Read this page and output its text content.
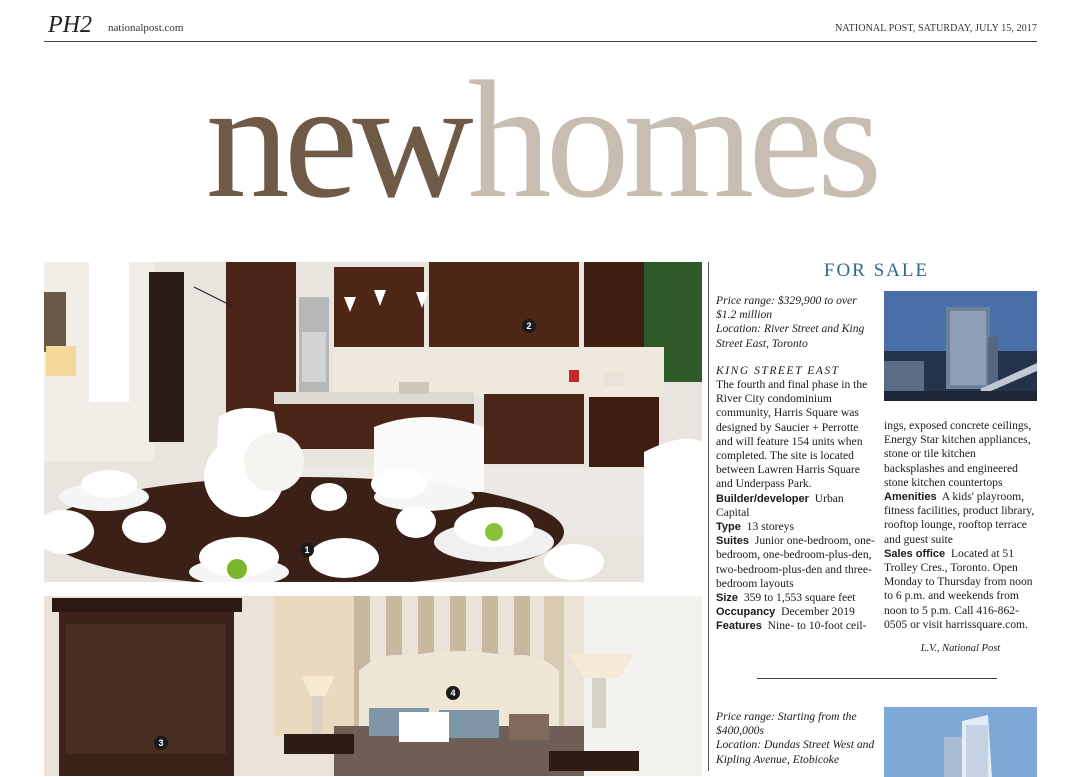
PH2 nationalpost.com	NATIONAL POST, SATURDAY, JULY 15, 2017
newhomes
1
2
3
4
FOR SALE
Price range: $329,900 to over $1.2 million
Location: River Street and King Street East, Toronto
KING STREET EAST
The fourth and final phase in the River City condominium community, Harris Square was designed by Saucier + Perrotte and will feature 154 units when completed. The site is located between Lawren Harris Square and Underpass Park.
Builder/developer Urban Capital
Type 13 storeys
Suites Junior one-bedroom, one-bedroom, one-bedroom-plus-den, two-bedroom-plus-den and three-bedroom layouts
Size 359 to 1,553 square feet
Occupancy December 2019
Features Nine- to 10-foot ceil-
ings, exposed concrete ceilings, Energy Star kitchen appliances, stone or tile kitchen backsplashes and engineered stone kitchen countertops
Amenities A kids' playroom, fitness facilities, product library, rooftop lounge, rooftop terrace and guest suite
Sales office Located at 51 Trolley Cres., Toronto. Open Monday to Thursday from noon to 6 p.m. and weekends from noon to 5 p.m. Call 416-862-0505 or visit harrissquare.com.
L.V., National Post
Price range: Starting from the $400,000s
Location: Dundas Street West and Kipling Avenue, Etobicoke
